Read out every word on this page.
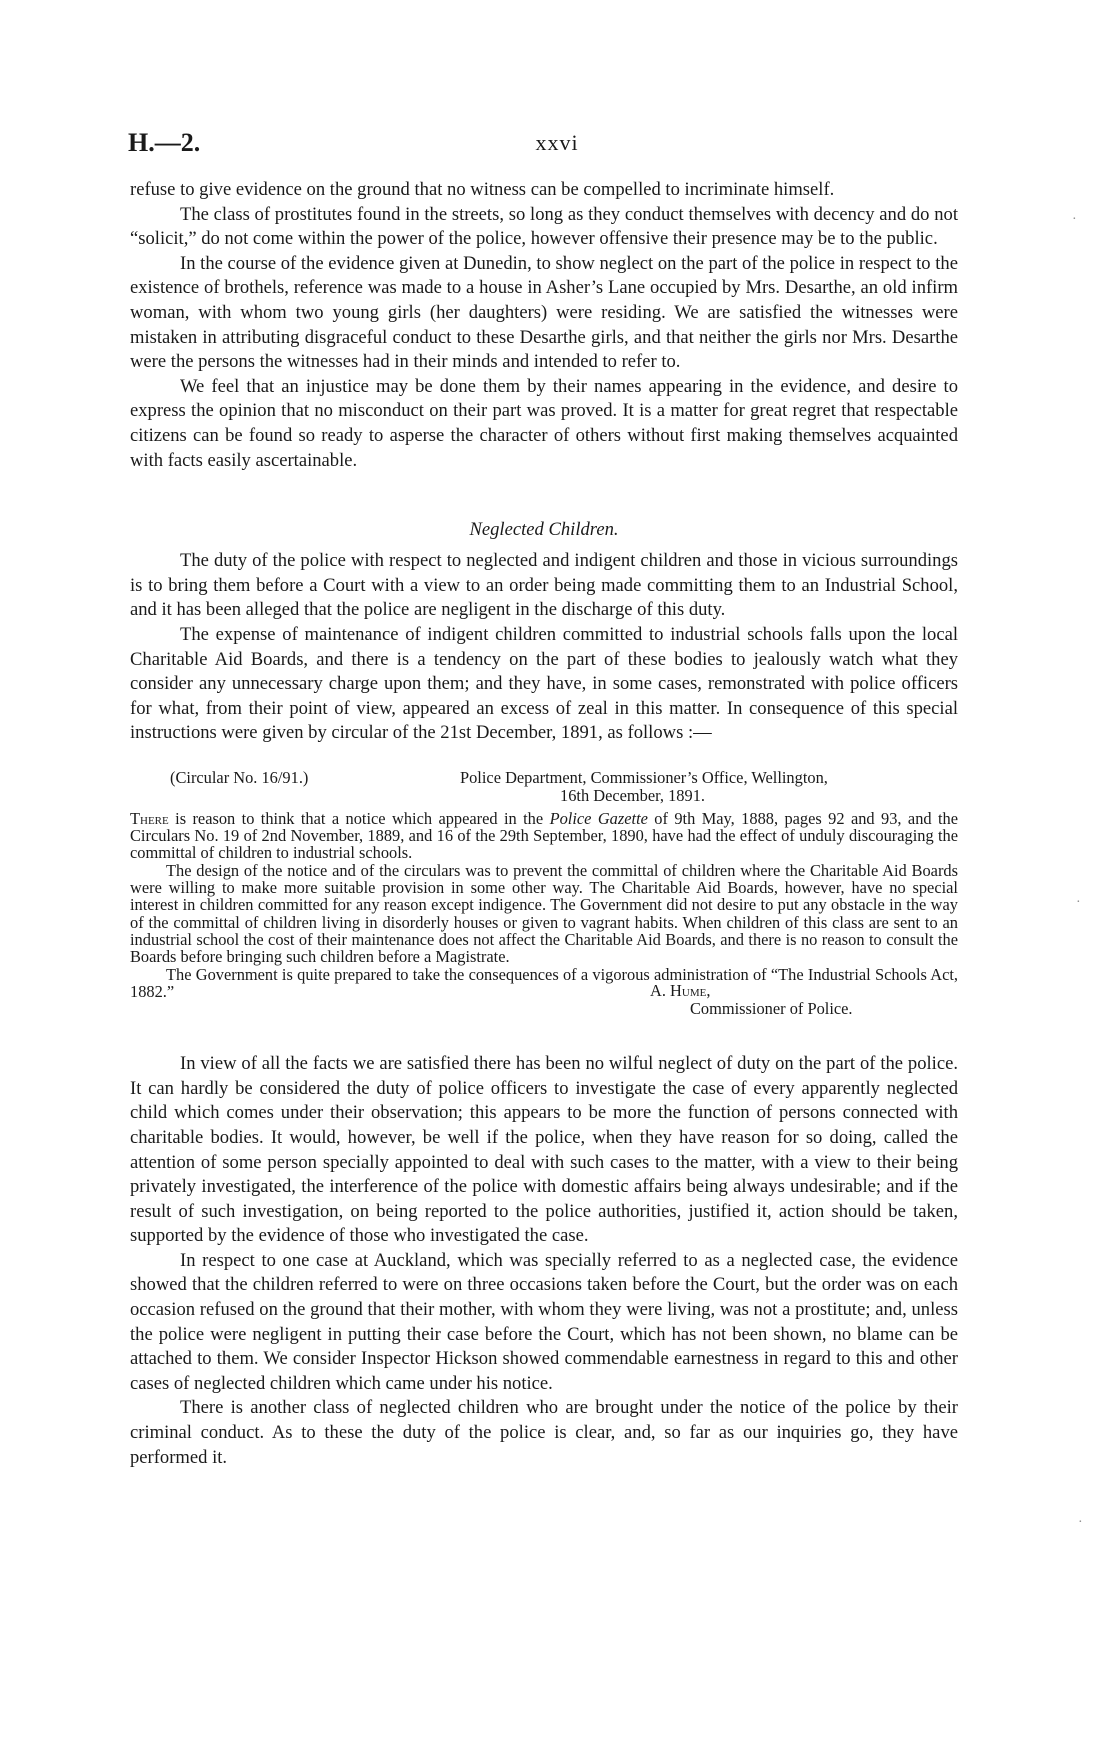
H.—2.	xxvi
·
·
·

refuse to give evidence on the ground that no witness can be compelled to incriminate himself.

The class of prostitutes found in the streets, so long as they conduct themselves with decency and do not “solicit,” do not come within the power of the police, however offensive their presence may be to the public.

In the course of the evidence given at Dunedin, to show neglect on the part of the police in respect to the existence of brothels, reference was made to a house in Asher’s Lane occupied by Mrs. Desarthe, an old infirm woman, with whom two young girls (her daughters) were residing. We are satisfied the witnesses were mistaken in attributing disgraceful conduct to these Desarthe girls, and that neither the girls nor Mrs. Desarthe were the persons the witnesses had in their minds and intended to refer to.

We feel that an injustice may be done them by their names appearing in the evidence, and desire to express the opinion that no misconduct on their part was proved. It is a matter for great regret that respectable citizens can be found so ready to asperse the character of others without first making themselves acquainted with facts easily ascertainable.

Neglected Children.

The duty of the police with respect to neglected and indigent children and those in vicious surroundings is to bring them before a Court with a view to an order being made committing them to an Industrial School, and it has been alleged that the police are negligent in the discharge of this duty.

The expense of maintenance of indigent children committed to industrial schools falls upon the local Charitable Aid Boards, and there is a tendency on the part of these bodies to jealously watch what they consider any unnecessary charge upon them; and they have, in some cases, remonstrated with police officers for what, from their point of view, appeared an excess of zeal in this matter. In consequence of this special instructions were given by circular of the 21st December, 1891, as follows :—

(Circular No. 16/91.)	Police Department, Commissioner’s Office, Wellington,
16th December, 1891.

There is reason to think that a notice which appeared in the Police Gazette of 9th May, 1888, pages 92 and 93, and the Circulars No. 19 of 2nd November, 1889, and 16 of the 29th September, 1890, have had the effect of unduly discouraging the committal of children to industrial schools.

The design of the notice and of the circulars was to prevent the committal of children where the Charitable Aid Boards were willing to make more suitable provision in some other way. The Charitable Aid Boards, however, have no special interest in children committed for any reason except indigence. The Government did not desire to put any obstacle in the way of the committal of children living in disorderly houses or given to vagrant habits. When children of this class are sent to an industrial school the cost of their maintenance does not affect the Charitable Aid Boards, and there is no reason to consult the Boards before bringing such children before a Magistrate.

The Government is quite prepared to take the consequences of a vigorous administration of “The Industrial Schools Act, 1882.”	A. Hume,
Commissioner of Police.

In view of all the facts we are satisfied there has been no wilful neglect of duty on the part of the police. It can hardly be considered the duty of police officers to investigate the case of every apparently neglected child which comes under their observation; this appears to be more the function of persons connected with charitable bodies. It would, however, be well if the police, when they have reason for so doing, called the attention of some person specially appointed to deal with such cases to the matter, with a view to their being privately investigated, the interference of the police with domestic affairs being always undesirable; and if the result of such investigation, on being reported to the police authorities, justified it, action should be taken, supported by the evidence of those who investigated the case.

In respect to one case at Auckland, which was specially referred to as a neglected case, the evidence showed that the children referred to were on three occasions taken before the Court, but the order was on each occasion refused on the ground that their mother, with whom they were living, was not a prostitute; and, unless the police were negligent in putting their case before the Court, which has not been shown, no blame can be attached to them. We consider Inspector Hickson showed commendable earnestness in regard to this and other cases of neglected children which came under his notice.

There is another class of neglected children who are brought under the notice of the police by their criminal conduct. As to these the duty of the police is clear, and, so far as our inquiries go, they have performed it.
